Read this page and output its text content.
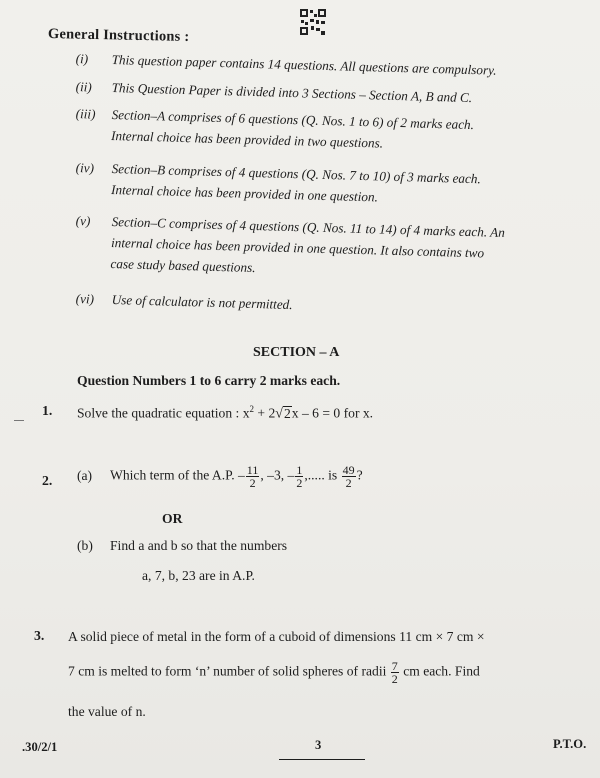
General Instructions :
(i) This question paper contains 14 questions. All questions are compulsory.
(ii) This Question Paper is divided into 3 Sections – Section A, B and C.
(iii) Section–A comprises of 6 questions (Q. Nos. 1 to 6) of 2 marks each.
Internal choice has been provided in two questions.
(iv) Section–B comprises of 4 questions (Q. Nos. 7 to 10) of 3 marks each.
Internal choice has been provided in one question.
(v) Section–C comprises of 4 questions (Q. Nos. 11 to 14) of 4 marks each. An
internal choice has been provided in one question. It also contains two
case study based questions.
(vi) Use of calculator is not permitted.
SECTION – A
Question Numbers 1 to 6 carry 2 marks each.
1. Solve the quadratic equation : $x^2 + 2√2x - 6 = 0$ for x.
2. (a) Which term of the A.P. – $\frac{11}{2}$ , –3, – $\frac{1}{2}$ ,..... is $\frac{49}{2}$ ?
OR
(b) Find a and b so that the numbers
a, 7, b, 23 are in A.P.
3. A solid piece of metal in the form of a cuboid of dimensions 11 cm × 7 cm ×
7 cm is melted to form ‘n’ number of solid spheres of radii $\frac{7}{2}$ cm each. Find
the value of n.
.30/2/1	3	P.T.O.
